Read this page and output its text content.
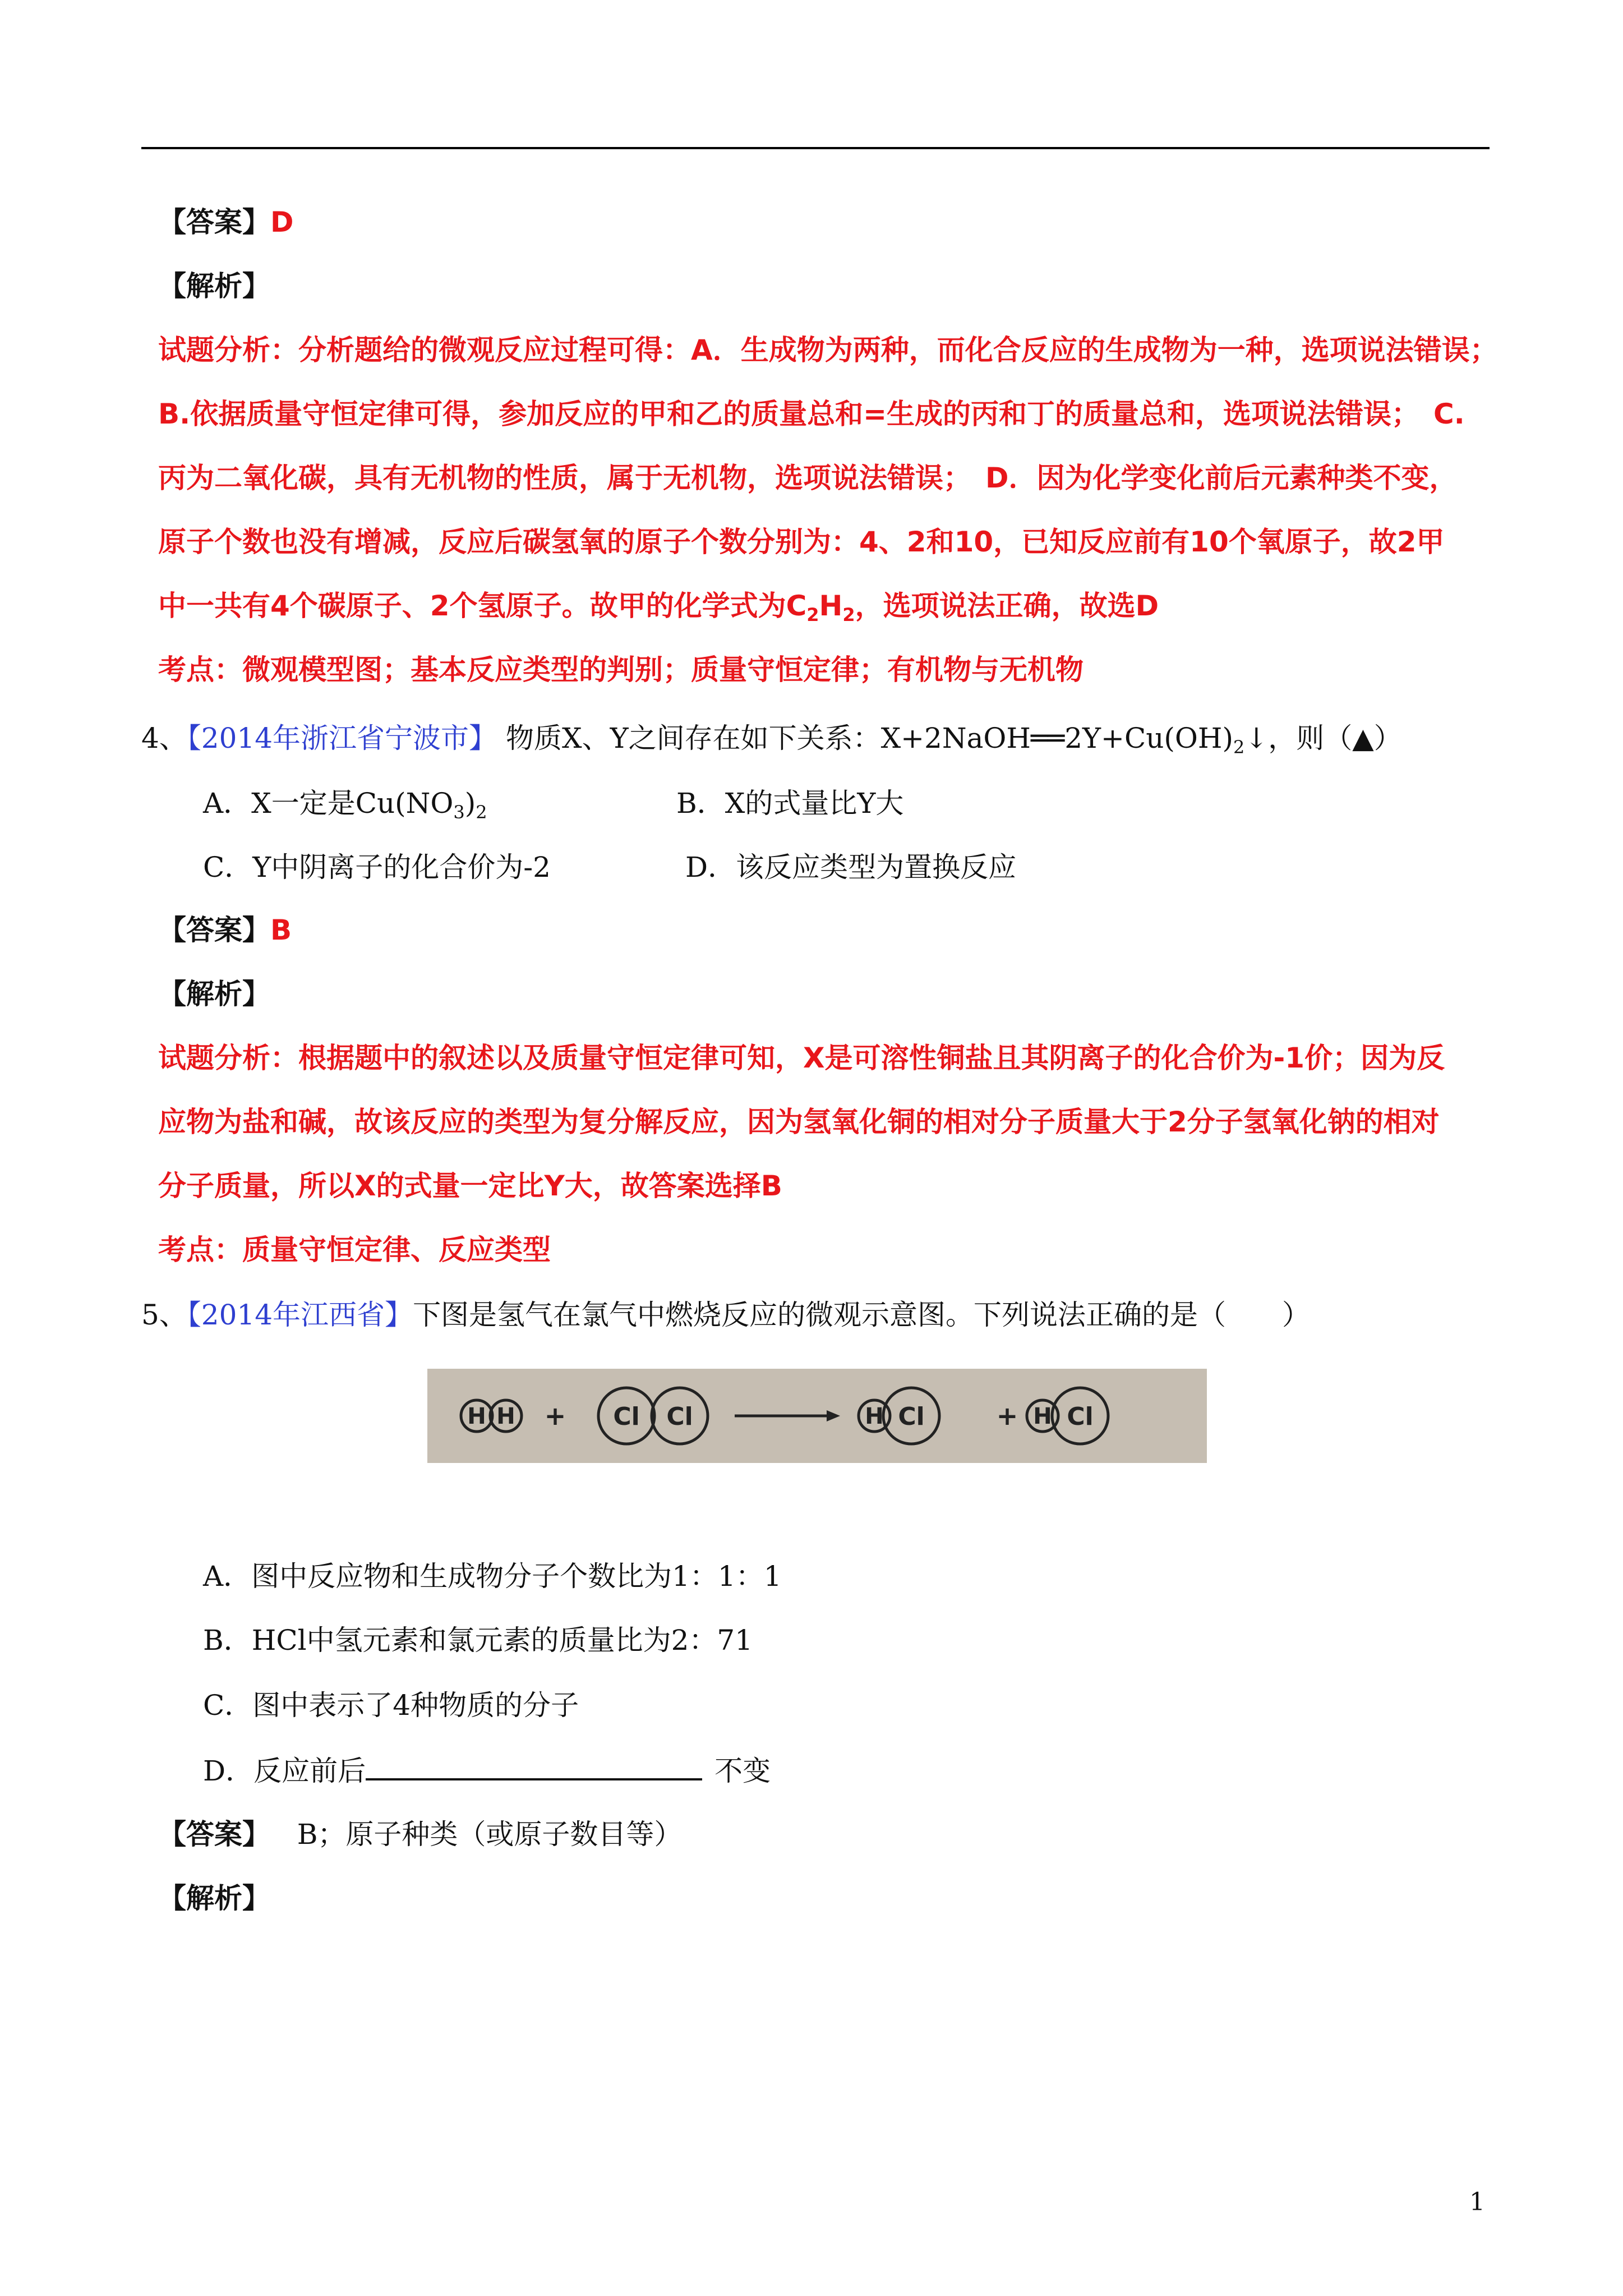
【答案】D
【解析】
试题分析：分析题给的微观反应过程可得：A．生成物为两种，而化合反应的生成物为一种，选项说法错误；
B.依据质量守恒定律可得，参加反应的甲和乙的质量总和=生成的丙和丁的质量总和，选项说法错误；　C.
丙为二氧化碳，具有无机物的性质，属于无机物，选项说法错误；　D．因为化学变化前后元素种类不变，
原子个数也没有增减，反应后碳氢氧的原子个数分别为：4、2和10，已知反应前有10个氧原子，故2甲
中一共有4个碳原子、2个氢原子。故甲的化学式为$C_2H_2$，选项说法正确，故选D
考点：微观模型图；基本反应类型的判别；质量守恒定律；有机物与无机物
4、【2014年浙江省宁波市】 物质X、Y之间存在如下关系：$X+2NaOH══2Y+Cu(OH)_2↓$，则（▲）
A．X一定是$Cu(NO_3)_2$	B．X的式量比Y大
C．Y中阴离子的化合价为-2	D．该反应类型为置换反应
【答案】B
【解析】
试题分析：根据题中的叙述以及质量守恒定律可知，X是可溶性铜盐且其阴离子的化合价为-1价；因为反
应物为盐和碱，故该反应的类型为复分解反应，因为氢氧化铜的相对分子质量大于2分子氢氧化钠的相对
分子质量，所以X的式量一定比Y大，故答案选择B
考点：质量守恒定律、反应类型
5、【2014年江西省】下图是氢气在氯气中燃烧反应的微观示意图。下列说法正确的是（　　）
H H	Cl Cl	H Cl	H Cl
+	+
A．图中反应物和生成物分子个数比为1：1：1
B．HCl中氢元素和氯元素的质量比为2：71
C．图中表示了4种物质的分子
D．反应前后	不变
【答案】 B；原子种类（或原子数目等）
【解析】
1
